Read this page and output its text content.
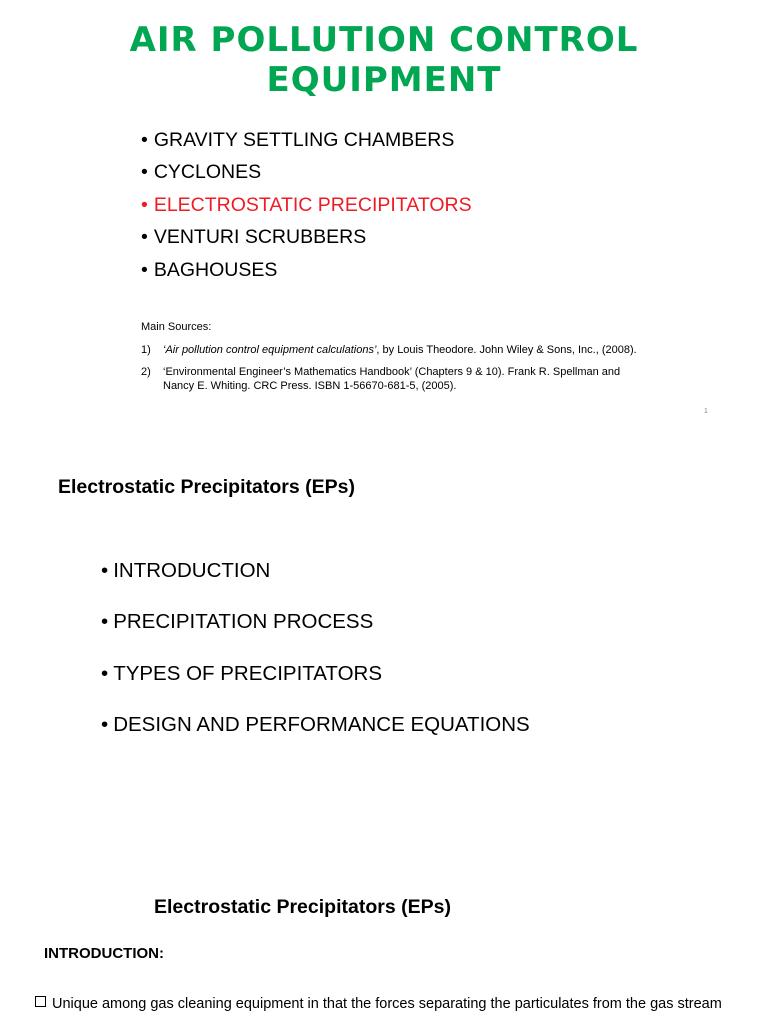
AIR POLLUTION CONTROL
EQUIPMENT
• GRAVITY SETTLING CHAMBERS
• CYCLONES
• ELECTROSTATIC PRECIPITATORS
• VENTURI SCRUBBERS
• BAGHOUSES
Main Sources:
1) ‘Air pollution control equipment calculations’, by Louis Theodore. John Wiley & Sons, Inc., (2008).
2) ‘Environmental Engineer’s Mathematics Handbook’ (Chapters 9 & 10). Frank R. Spellman and Nancy E. Whiting. CRC Press. ISBN 1-56670-681-5, (2005).
1
Electrostatic Precipitators (EPs)
• INTRODUCTION
• PRECIPITATION PROCESS
• TYPES OF PRECIPITATORS
• DESIGN AND PERFORMANCE EQUATIONS
Electrostatic Precipitators (EPs)
INTRODUCTION:
Unique among gas cleaning equipment in that the forces separating the particulates from the gas stream
